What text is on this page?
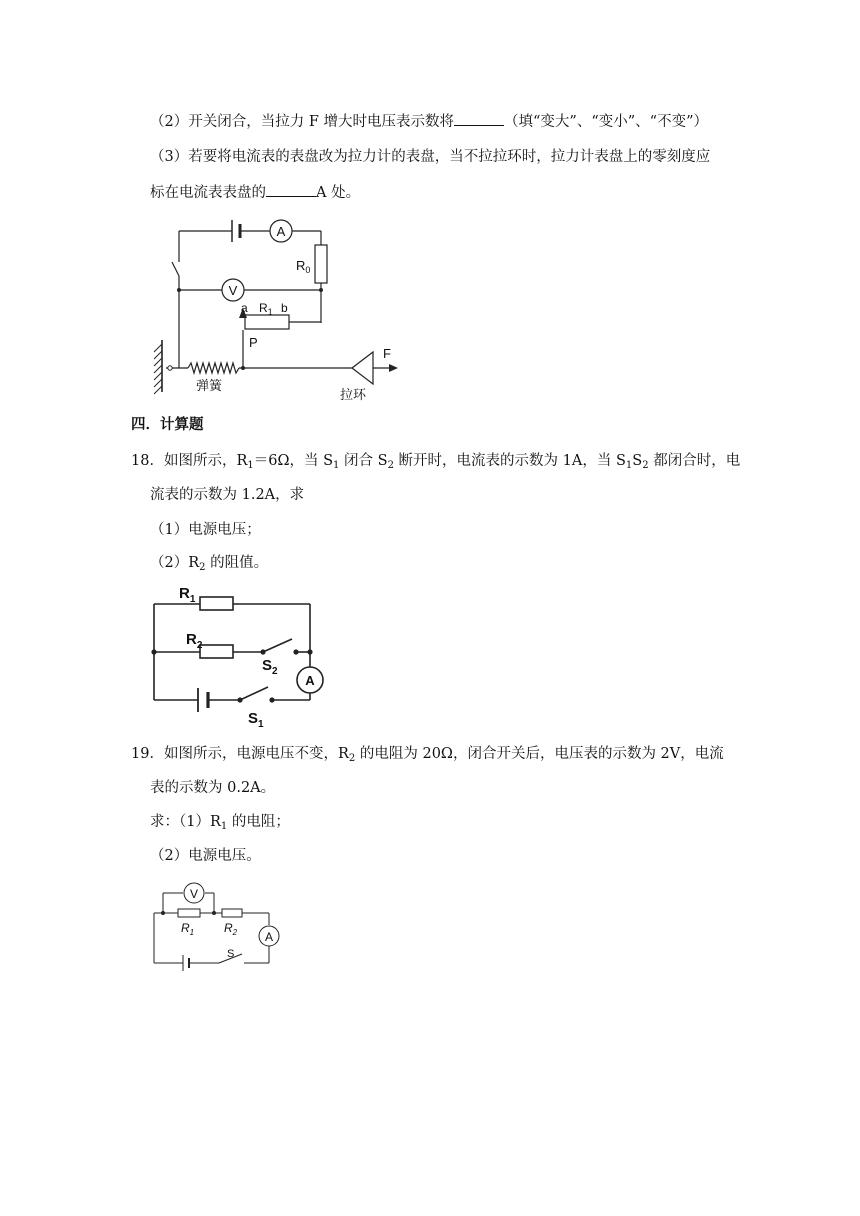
（2）开关闭合，当拉力 F 增大时电压表示数将	（填“变大”、“变小”、“不变”）
（3）若要将电流表的表盘改为拉力计的表盘，当不拉拉环时，拉力计表盘上的零刻度应
标在电流表表盘的	A 处。
A
V
$R_0$
$R_1$
a	b
P
弹簧
拉环
F
四．计算题
18．如图所示，$R_1=6\Omega$，当 $S_1$ 闭合 $S_2$ 断开时，电流表的示数为 1A，当 $S_1S_2$ 都闭合时，电
流表的示数为 1.2A，求
（1）电源电压；
$(2)R_2$ 的阻值。
$R_1$
$R_2$
$S_2$
$S_1$
A
19．如图所示，电源电压不变，$R_2$ 的电阻为 20Ω，闭合开关后，电压表的示数为 2V，电流
表的示数为 0.2A。
求：$(1)R_1$ 的电阻；
（2）电源电压。
V
A
$R_1$ $R_2$
S
